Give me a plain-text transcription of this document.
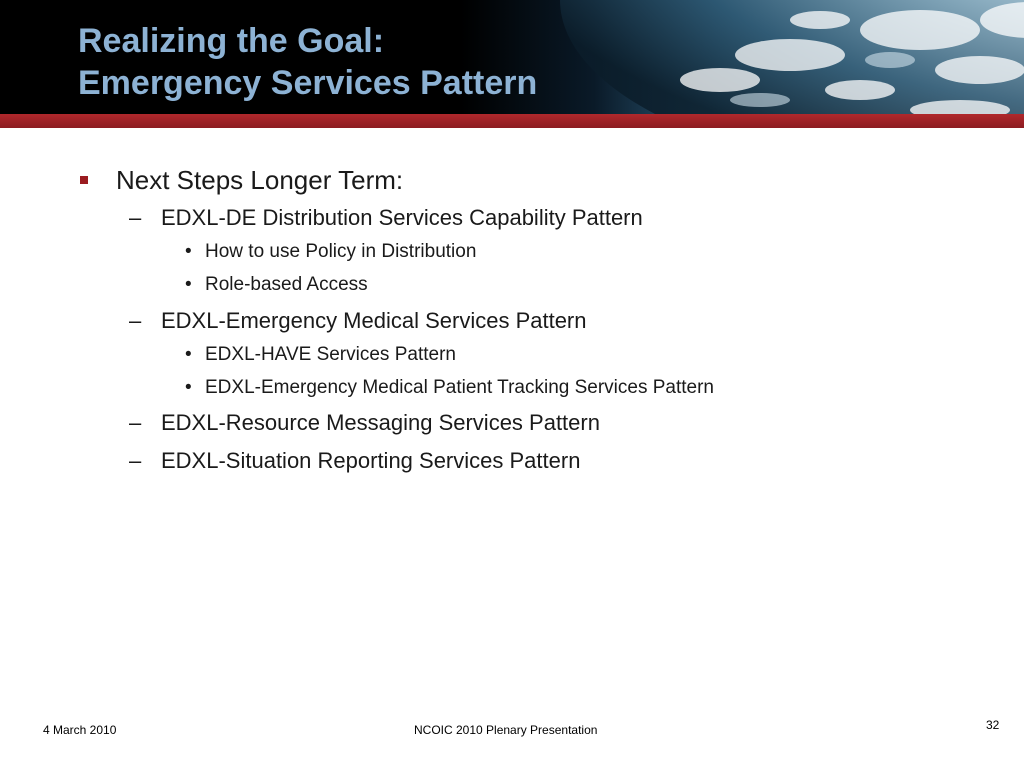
Realizing the Goal:
Emergency Services Pattern
Next Steps Longer Term:
– EDXL-DE Distribution Services Capability Pattern
• How to use Policy in Distribution
• Role-based Access
– EDXL-Emergency Medical Services Pattern
• EDXL-HAVE Services Pattern
• EDXL-Emergency Medical Patient Tracking Services Pattern
– EDXL-Resource Messaging Services Pattern
– EDXL-Situation Reporting Services Pattern
4 March 2010	NCOIC 2010 Plenary Presentation	32
